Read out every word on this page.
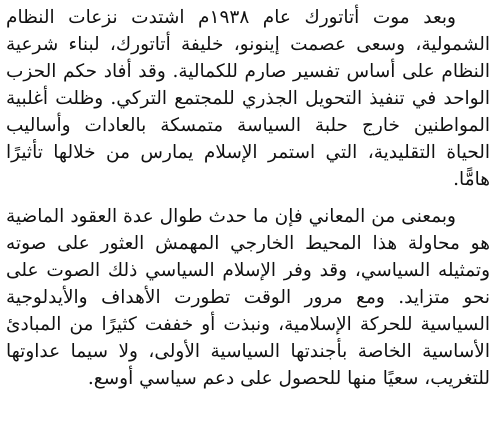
وبعد موت أتاتورك عام ١٩٣٨م اشتدت نزعات النظام الشمولية، وسعى عصمت إينونو، خليفة أتاتورك، لبناء شرعية النظام على أساس تفسير صارم للكمالية. وقد أفاد حكم الحزب الواحد في تنفيذ التحويل الجذري للمجتمع التركي. وظلت أغلبية المواطنين خارج حلبة السياسة متمسكة بالعادات وأساليب الحياة التقليدية، التي استمر الإسلام يمارس من خلالها تأثيرًا هامًّا.

وبمعنى من المعاني فإن ما حدث طوال عدة العقود الماضية هو محاولة هذا المحيط الخارجي المهمش العثور على صوته وتمثيله السياسي، وقد وفر الإسلام السياسي ذلك الصوت على نحو متزايد. ومع مرور الوقت تطورت الأهداف والأيدلوجية السياسية للحركة الإسلامية، ونبذت أو خففت كثيرًا من المبادئ الأساسية الخاصة بأجندتها السياسية الأولى، ولا سيما عداوتها للتغريب، سعيًا منها للحصول على دعم سياسي أوسع.
